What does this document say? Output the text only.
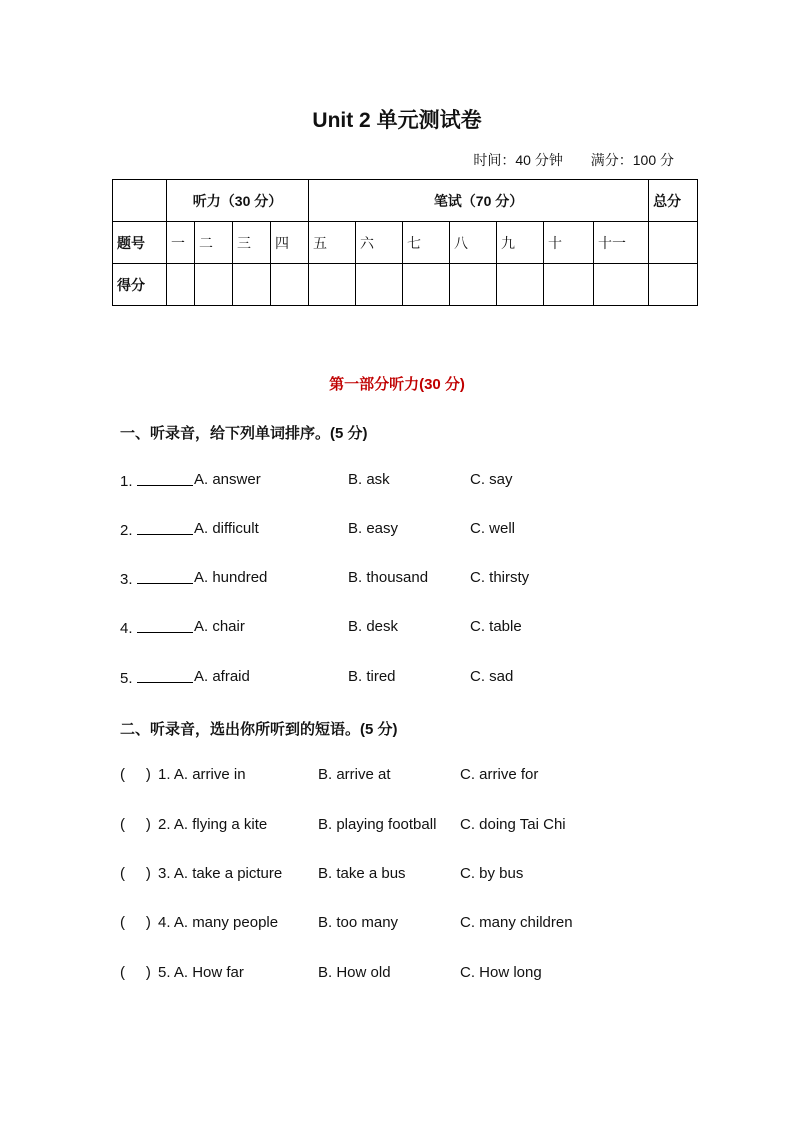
Unit 2 单元测试卷
时间：40 分钟 满分：100 分
	听力（30 分）				笔试（70 分）							总分
题号	一	二	三	四	五	六	七	八	九	十	十一	
得分												
第一部分听力(30 分)

一、听录音，给下列单词排序。(5 分)

1.	A. answer	B. ask	C. say
2.	A. difficult	B. easy	C. well
3.	A. hundred	B. thousand	C. thirsty
4.	A. chair	B. desk	C. table
5.	A. afraid	B. tired	C. sad

二、听录音，选出你所听到的短语。(5 分)

(     ) 1. A. arrive in	B. arrive at	C. arrive for
(     ) 2. A. flying a kite	B. playing football C. doing Tai Chi
(     ) 3. A. take a picture B. take a bus	C. by bus
(     ) 4. A. many people	B. too many	C. many children
(     ) 5. A. How far	B. How old	C. How long
